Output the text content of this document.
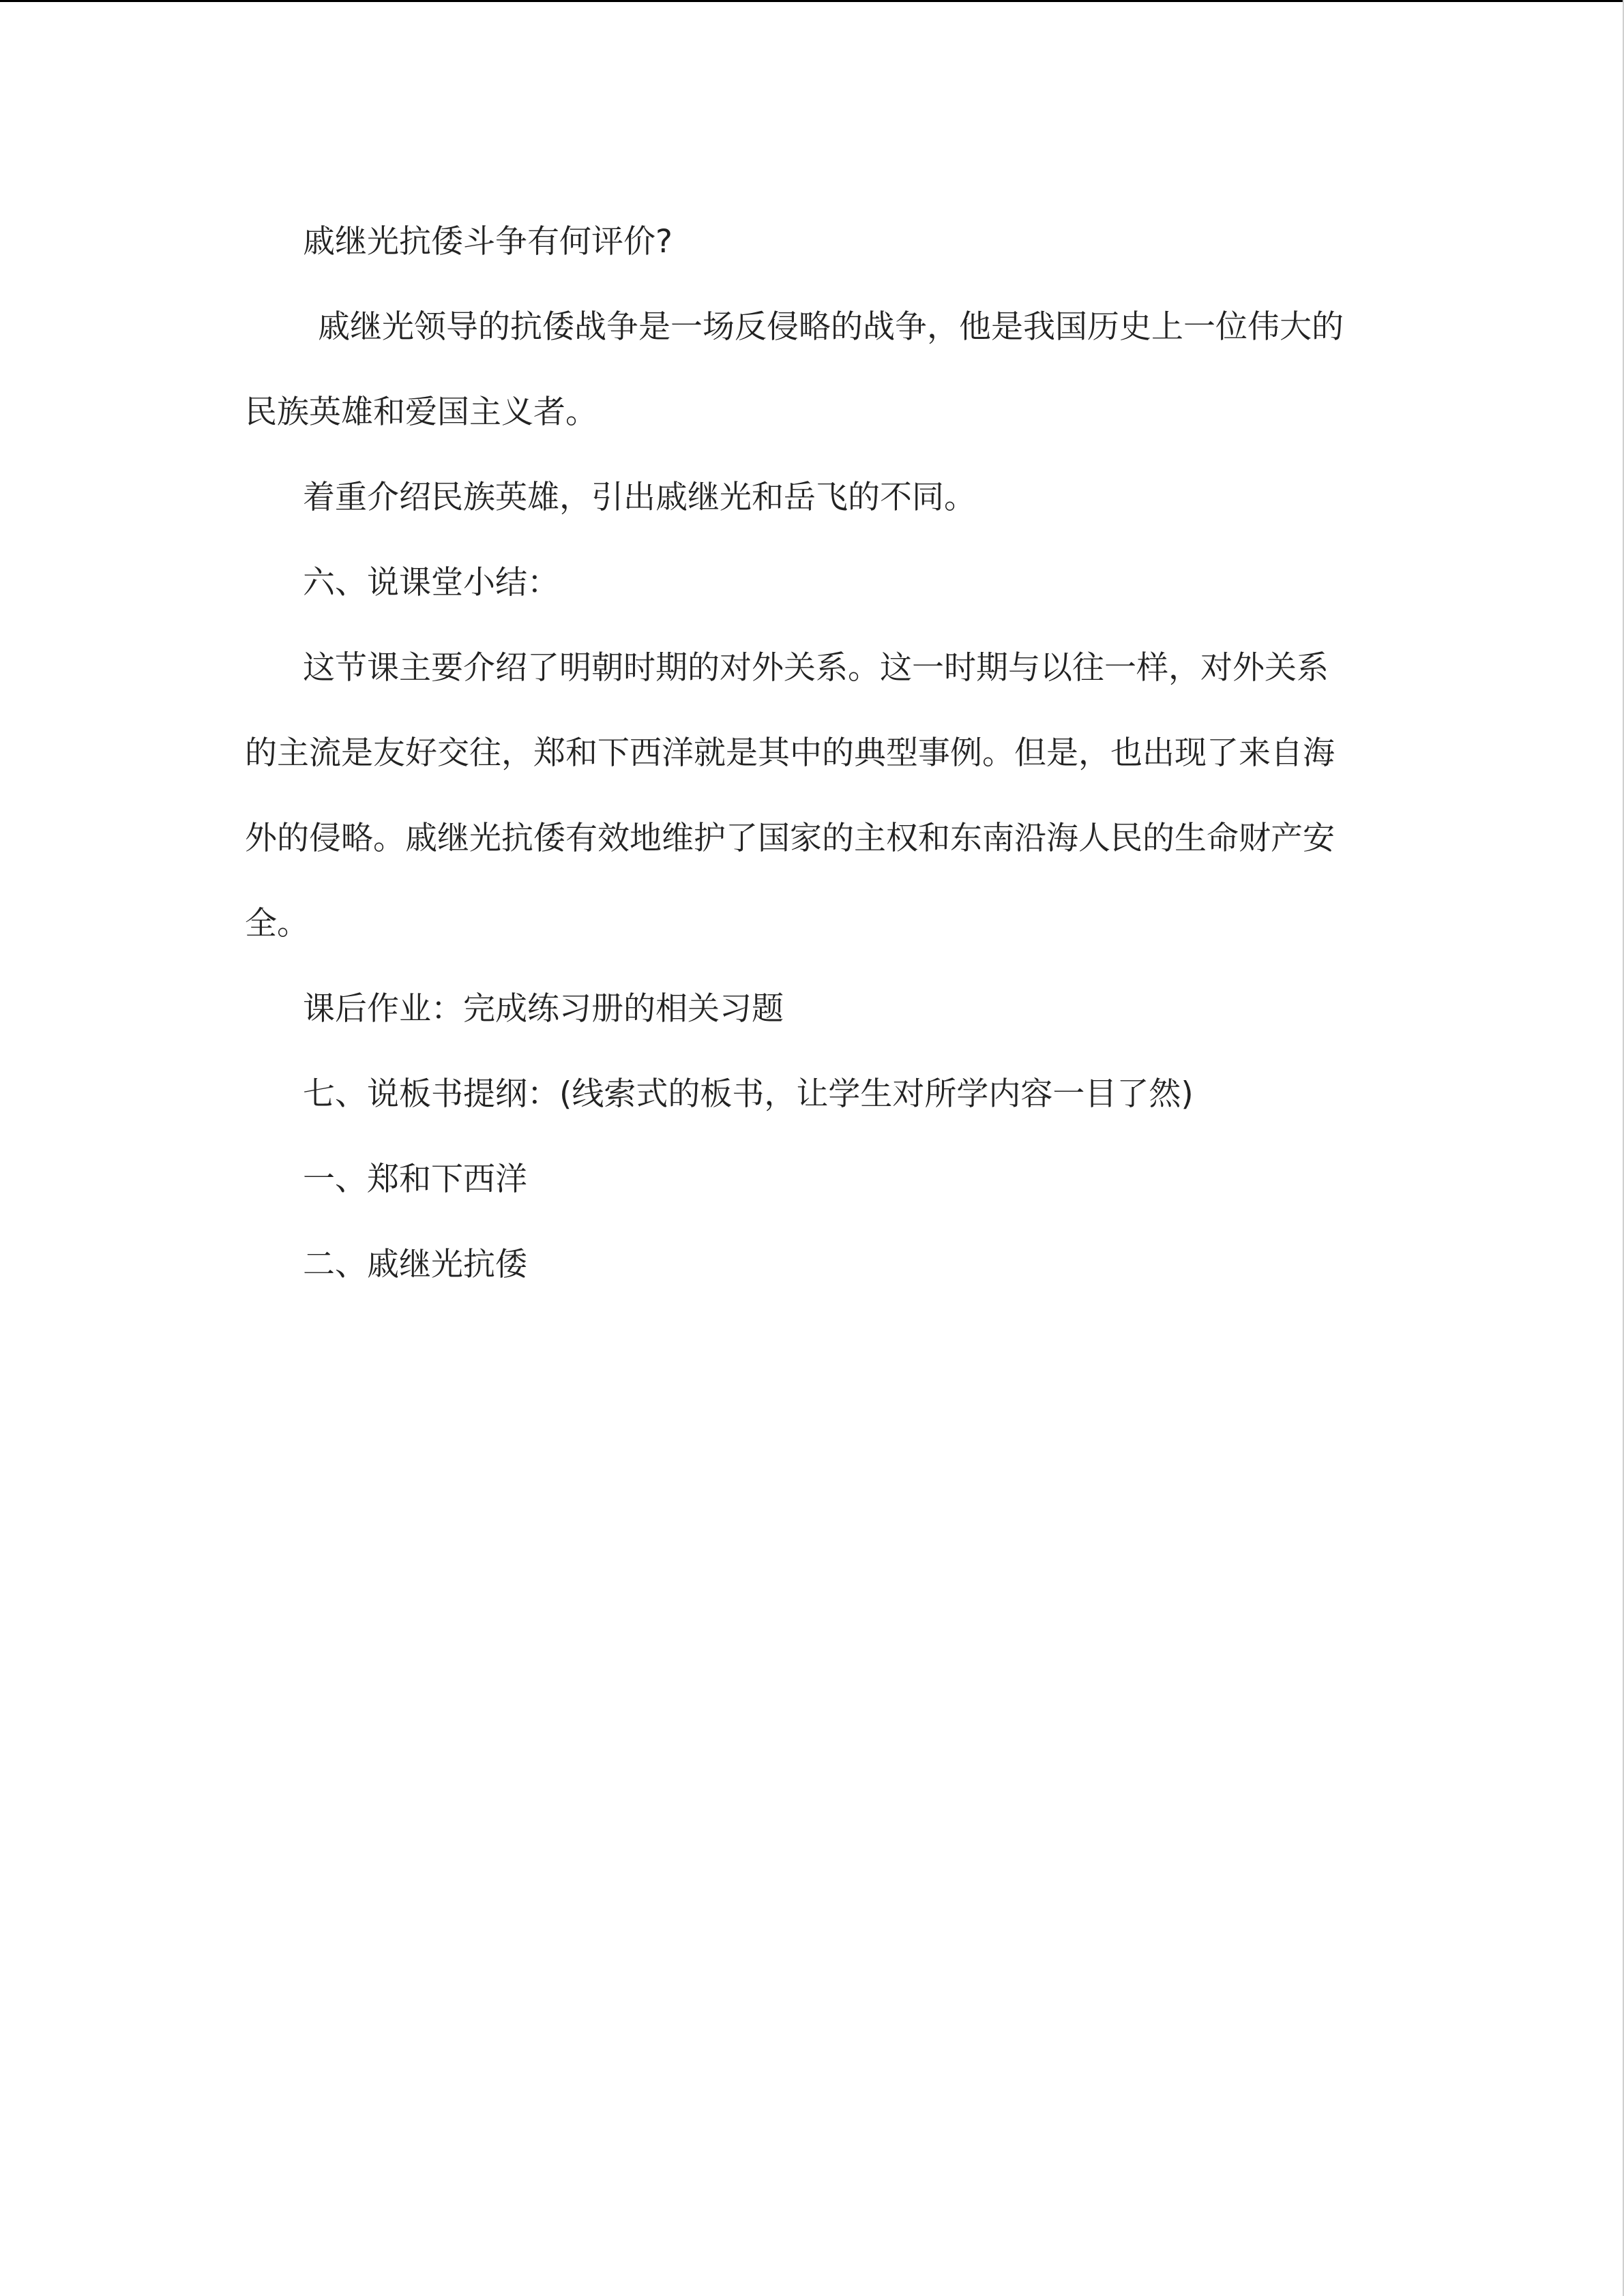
戚继光抗倭斗争有何评价?

戚继光领导的抗倭战争是一场反侵略的战争，他是我国历史上一位伟大的

民族英雄和爱国主义者。

着重介绍民族英雄，引出戚继光和岳飞的不同。

六、说课堂小结：

这节课主要介绍了明朝时期的对外关系。这一时期与以往一样，对外关系

的主流是友好交往，郑和下西洋就是其中的典型事例。但是，也出现了来自海

外的侵略。戚继光抗倭有效地维护了国家的主权和东南沿海人民的生命财产安

全。

课后作业：完成练习册的相关习题

七、说板书提纲：(线索式的板书，让学生对所学内容一目了然)

一、郑和下西洋

二、戚继光抗倭
